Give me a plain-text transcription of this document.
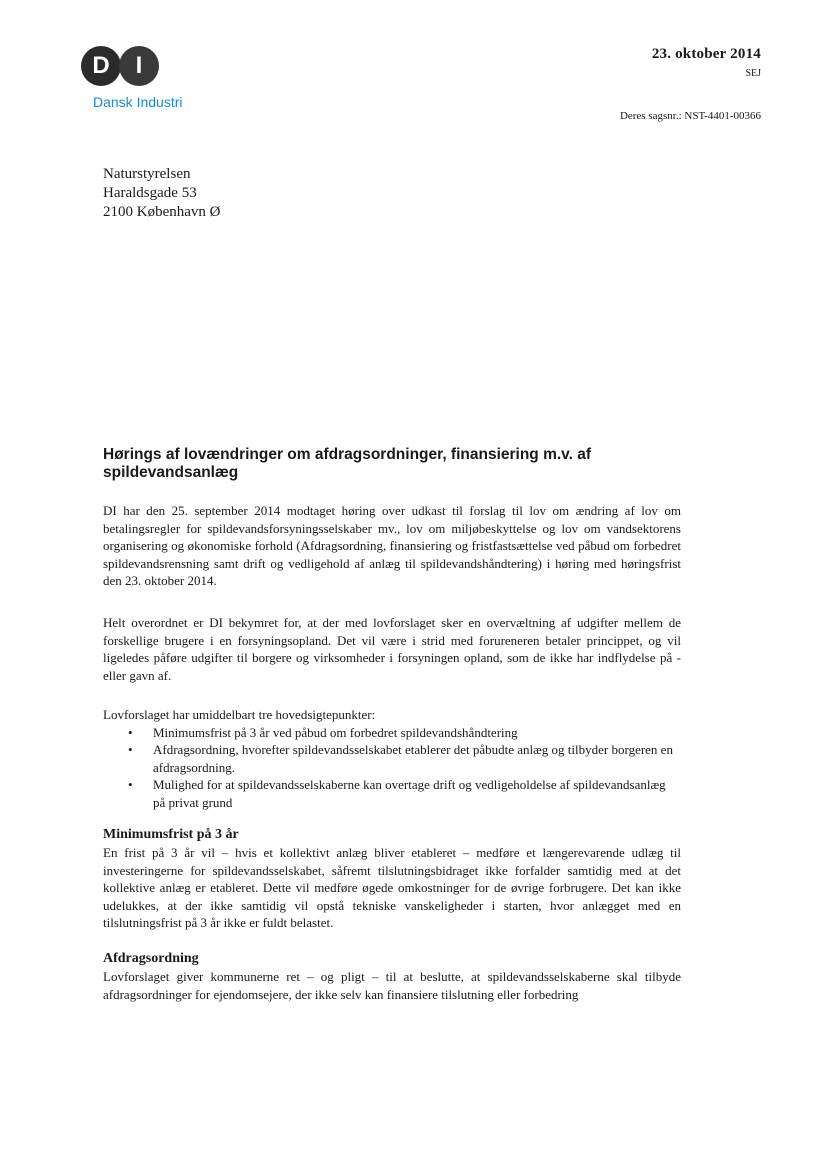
D	I
Dansk Industri
23. oktober 2014
SEJ
Deres sagsnr.: NST-4401-00366
Naturstyrelsen
Haraldsgade 53
2100 København Ø
Hørings af lovændringer om afdragsordninger, finansiering m.v. af spildevandsanlæg
DI har den 25. september 2014 modtaget høring over udkast til forslag til lov om ændring af lov om betalingsregler for spildevandsforsyningsselskaber mv., lov om miljøbeskyttelse og lov om vandsektorens organisering og økonomiske forhold (Afdragsordning, finansiering og fristfastsættelse ved påbud om forbedret spildevandsrensning samt drift og vedligehold af anlæg til spildevandshåndtering) i høring med høringsfrist den 23. oktober 2014.
Helt overordnet er DI bekymret for, at der med lovforslaget sker en overvæltning af udgifter mellem de forskellige brugere i en forsyningsopland. Det vil være i strid med forureneren betaler princippet, og vil ligeledes påføre udgifter til borgere og virksomheder i forsyningen opland, som de ikke har indflydelse på - eller gavn af.
Lovforslaget har umiddelbart tre hovedsigtepunkter:
•	Minimumsfrist på 3 år ved påbud om forbedret spildevandshåndtering
•	Afdragsordning, hvorefter spildevandsselskabet etablerer det påbudte anlæg og tilbyder borgeren en afdragsordning.
•	Mulighed for at spildevandsselskaberne kan overtage drift og vedligeholdelse af spildevandsanlæg på privat grund
Minimumsfrist på 3 år
En frist på 3 år vil – hvis et kollektivt anlæg bliver etableret – medføre et længerevarende udlæg til investeringerne for spildevandsselskabet, såfremt tilslutningsbidraget ikke forfalder samtidig med at det kollektive anlæg er etableret. Dette vil medføre øgede omkostninger for de øvrige forbrugere. Det kan ikke udelukkes, at der ikke samtidig vil opstå tekniske vanskeligheder i starten, hvor anlægget med en tilslutningsfrist på 3 år ikke er fuldt belastet.
Afdragsordning
Lovforslaget giver kommunerne ret – og pligt – til at beslutte, at spildevandsselskaberne skal tilbyde afdragsordninger for ejendomsejere, der ikke selv kan finansiere tilslutning eller forbedring
